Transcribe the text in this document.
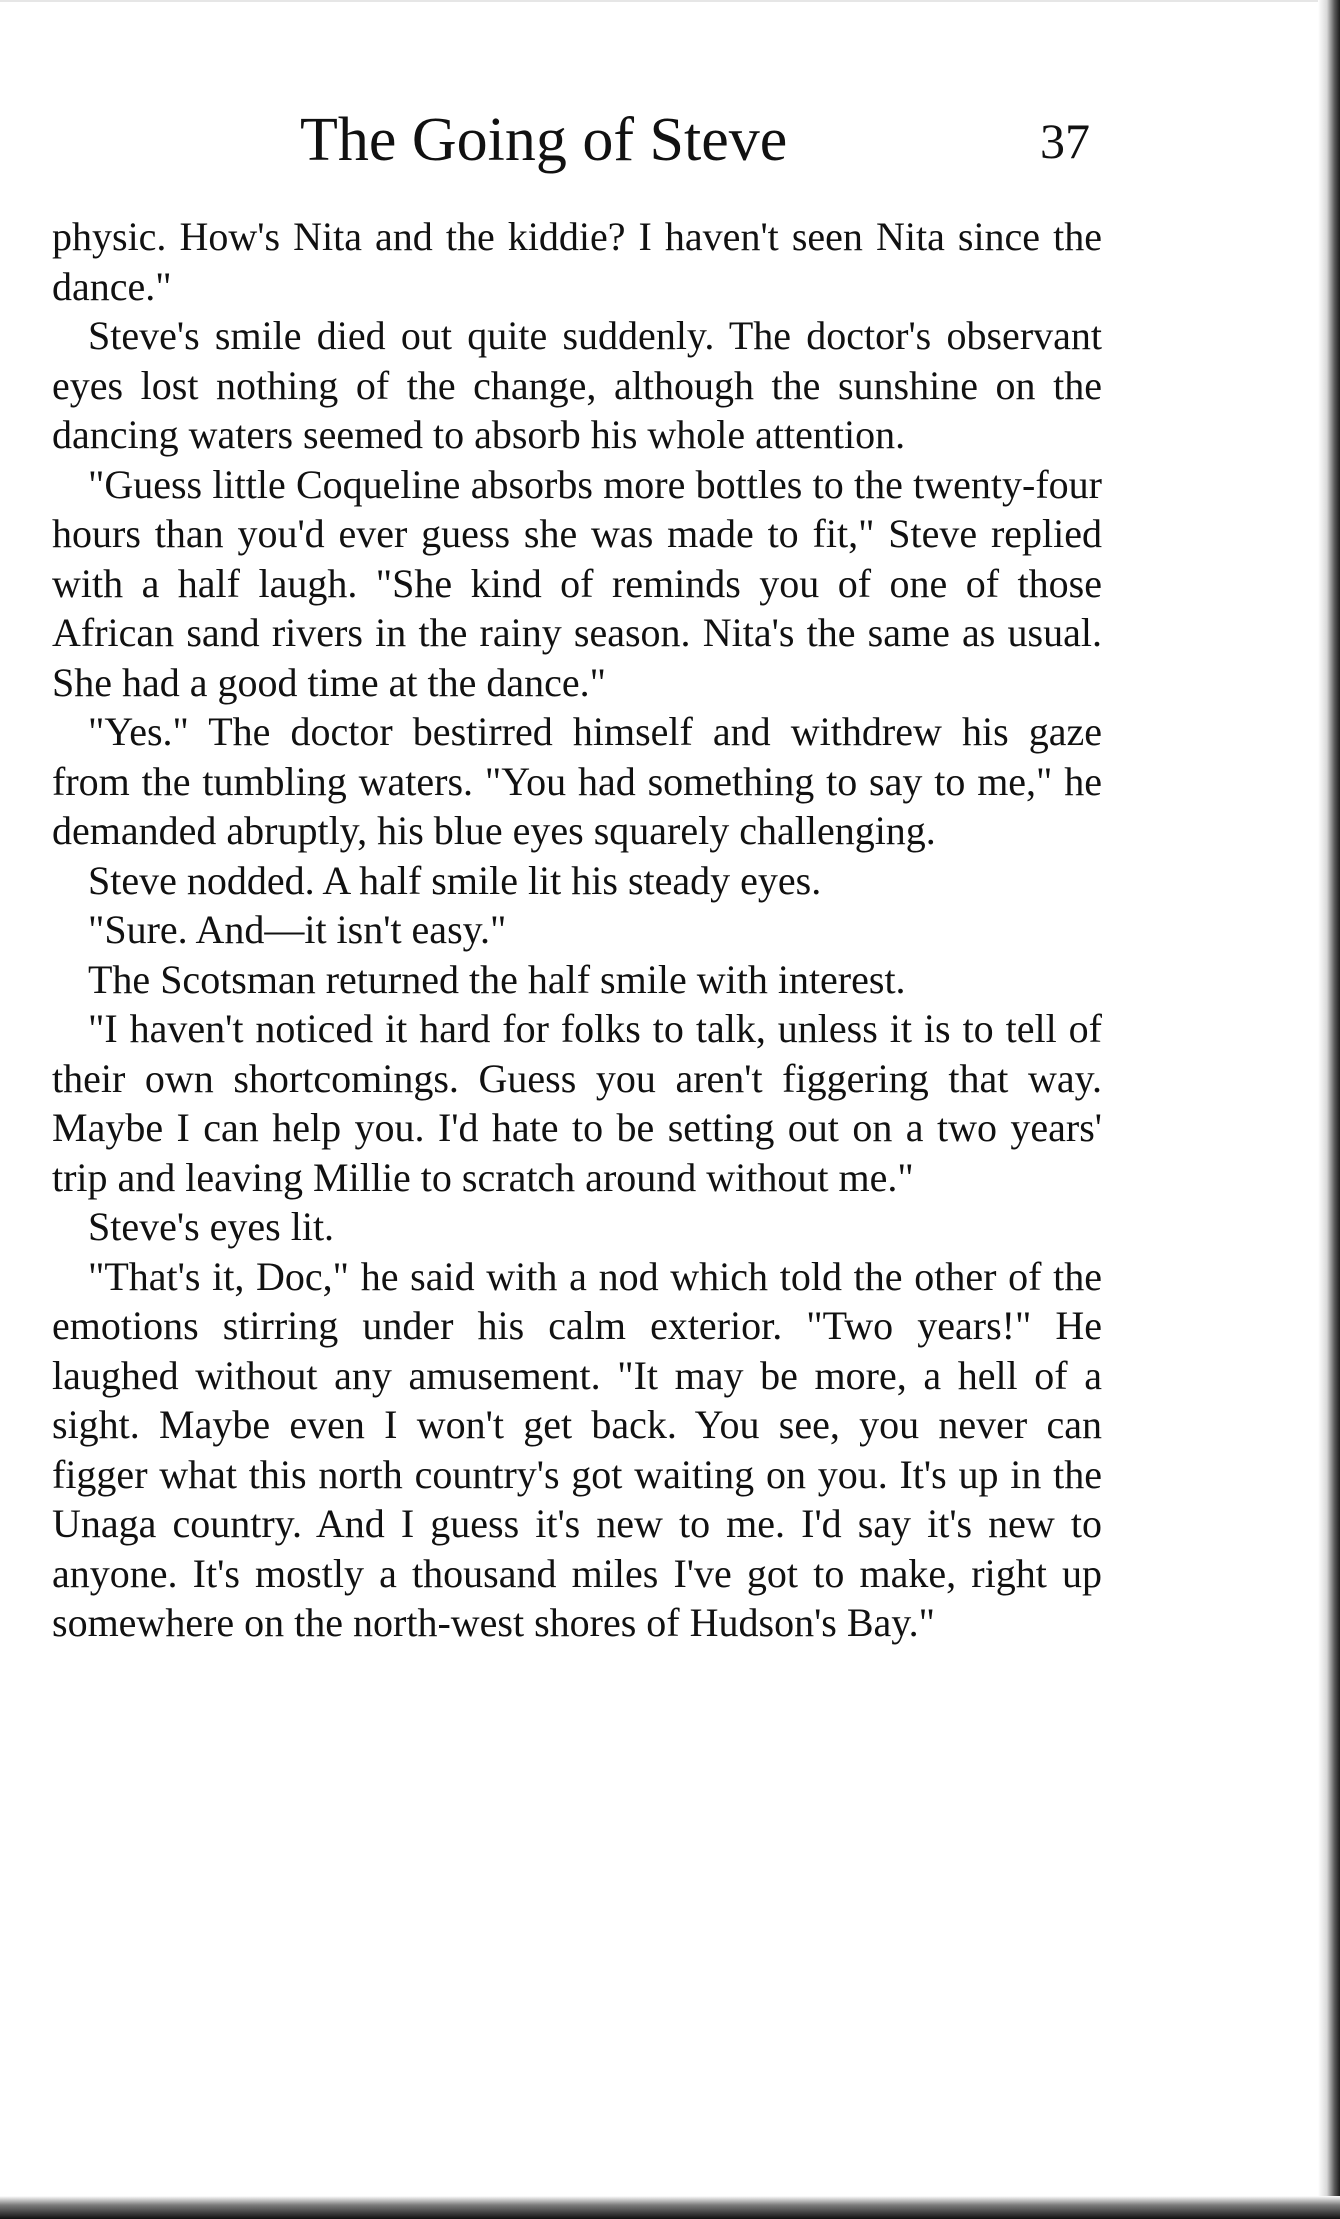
The Going of Steve	37

physic. How's Nita and the kiddie? I haven't seen Nita since the dance."

Steve's smile died out quite suddenly. The doctor's observant eyes lost nothing of the change, although the sunshine on the dancing waters seemed to absorb his whole attention.

"Guess little Coqueline absorbs more bottles to the twenty-four hours than you'd ever guess she was made to fit," Steve replied with a half laugh. "She kind of reminds you of one of those African sand rivers in the rainy season. Nita's the same as usual. She had a good time at the dance."

"Yes." The doctor bestirred himself and withdrew his gaze from the tumbling waters. "You had something to say to me," he demanded abruptly, his blue eyes squarely challenging.

Steve nodded. A half smile lit his steady eyes.

"Sure. And—it isn't easy."

The Scotsman returned the half smile with interest.

"I haven't noticed it hard for folks to talk, unless it is to tell of their own shortcomings. Guess you aren't figgering that way. Maybe I can help you. I'd hate to be setting out on a two years' trip and leaving Millie to scratch around without me."

Steve's eyes lit.

"That's it, Doc," he said with a nod which told the other of the emotions stirring under his calm exterior. "Two years!" He laughed without any amusement. "It may be more, a hell of a sight. Maybe even I won't get back. You see, you never can figger what this north country's got waiting on you. It's up in the Unaga country. And I guess it's new to me. I'd say it's new to anyone. It's mostly a thousand miles I've got to make, right up somewhere on the north-west shores of Hudson's Bay."
